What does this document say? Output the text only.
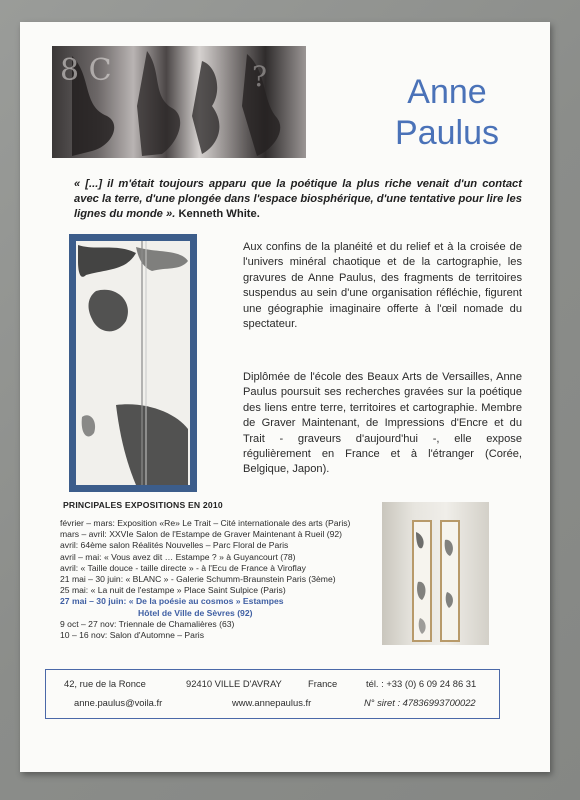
8 C	?	Anne
Paulus
« [...] il m'était toujours apparu que la poétique la plus riche venait d'un contact avec la terre, d'une plongée dans l'espace biosphérique, d'une tentative pour lire les lignes du monde ». Kenneth White.
Aux confins de la planéité et du relief et à la croisée de l'univers minéral chaotique et de la cartographie, les gravures de Anne Paulus, des fragments de territoires suspendus au sein d'une organisation réfléchie, figurent une géographie imaginaire offerte à l'œil nomade du spectateur.
Diplômée de l'école des Beaux Arts de Versailles, Anne Paulus poursuit ses recherches gravées sur la poétique des liens entre terre, territoires et cartographie. Membre de Graver Maintenant, de Impressions d'Encre et du Trait - graveurs d'aujourd'hui -, elle expose régulièrement en France et à l'étranger (Corée, Belgique, Japon).
PRINCIPALES EXPOSITIONS EN 2010
février – mars: Exposition «Re» Le Trait – Cité internationale des arts (Paris)
mars – avril: XXVIe Salon de l'Estampe de Graver Maintenant à Rueil (92)
avril: 64ème salon Réalités Nouvelles – Parc Floral de Paris
avril – mai: « Vous avez dit … Estampe ? » à Guyancourt (78)
avril: « Taille douce - taille directe » - à l'Ecu de France à Viroflay
21 mai – 30 juin: « BLANC » - Galerie Schumm-Braunstein Paris (3ème)
25 mai: « La nuit de l'estampe » Place Saint Sulpice (Paris)
27 mai – 30 juin: « De la poésie au cosmos » Estampes
Hôtel de Ville de Sèvres (92)
9 oct – 27 nov: Triennale de Chamalières (63)
10 – 16 nov: Salon d'Automne – Paris
42, rue de la Ronce	92410 VILLE D'AVRAY	France	tél. : +33 (0) 6 09 24 86 31
anne.paulus@voila.fr	www.annepaulus.fr	N° siret : 47836993700022
